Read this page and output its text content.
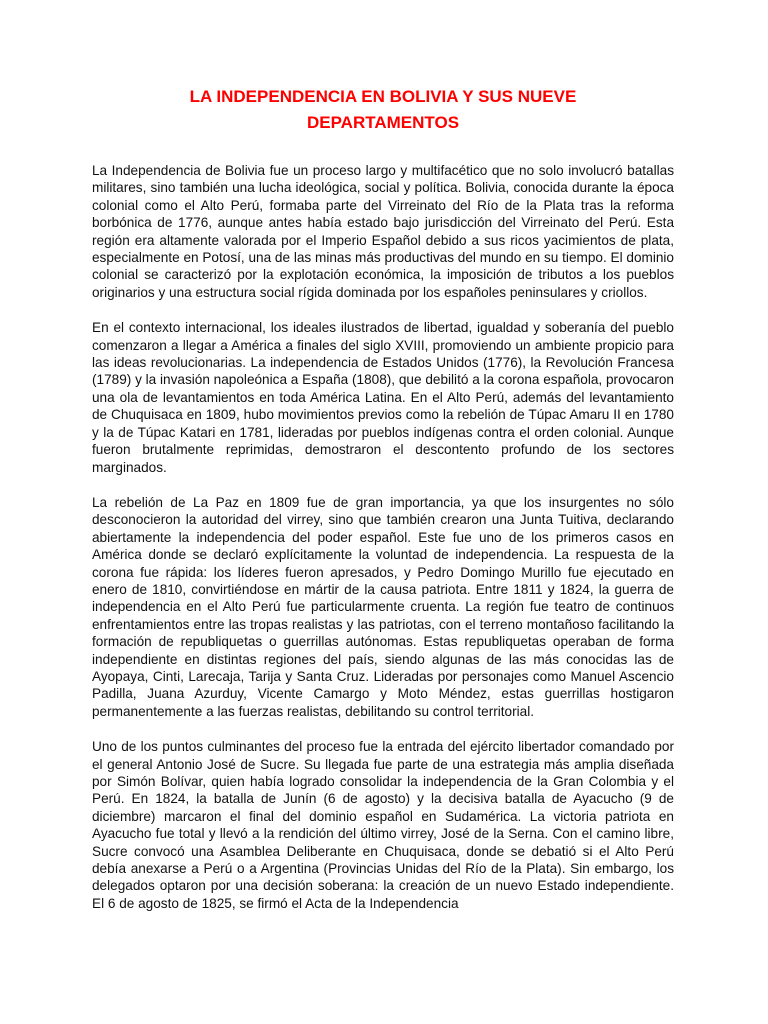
LA INDEPENDENCIA EN BOLIVIA Y SUS NUEVE DEPARTAMENTOS

La Independencia de Bolivia fue un proceso largo y multifacético que no solo involucró batallas militares, sino también una lucha ideológica, social y política. Bolivia, conocida durante la época colonial como el Alto Perú, formaba parte del Virreinato del Río de la Plata tras la reforma borbónica de 1776, aunque antes había estado bajo jurisdicción del Virreinato del Perú. Esta región era altamente valorada por el Imperio Español debido a sus ricos yacimientos de plata, especialmente en Potosí, una de las minas más productivas del mundo en su tiempo. El dominio colonial se caracterizó por la explotación económica, la imposición de tributos a los pueblos originarios y una estructura social rígida dominada por los españoles peninsulares y criollos.

En el contexto internacional, los ideales ilustrados de libertad, igualdad y soberanía del pueblo comenzaron a llegar a América a finales del siglo XVIII, promoviendo un ambiente propicio para las ideas revolucionarias. La independencia de Estados Unidos (1776), la Revolución Francesa (1789) y la invasión napoleónica a España (1808), que debilitó a la corona española, provocaron una ola de levantamientos en toda América Latina. En el Alto Perú, además del levantamiento de Chuquisaca en 1809, hubo movimientos previos como la rebelión de Túpac Amaru II en 1780 y la de Túpac Katari en 1781, lideradas por pueblos indígenas contra el orden colonial. Aunque fueron brutalmente reprimidas, demostraron el descontento profundo de los sectores marginados.

La rebelión de La Paz en 1809 fue de gran importancia, ya que los insurgentes no sólo desconocieron la autoridad del virrey, sino que también crearon una Junta Tuitiva, declarando abiertamente la independencia del poder español. Este fue uno de los primeros casos en América donde se declaró explícitamente la voluntad de independencia. La respuesta de la corona fue rápida: los líderes fueron apresados, y Pedro Domingo Murillo fue ejecutado en enero de 1810, convirtiéndose en mártir de la causa patriota. Entre 1811 y 1824, la guerra de independencia en el Alto Perú fue particularmente cruenta. La región fue teatro de continuos enfrentamientos entre las tropas realistas y las patriotas, con el terreno montañoso facilitando la formación de republiquetas o guerrillas autónomas. Estas republiquetas operaban de forma independiente en distintas regiones del país, siendo algunas de las más conocidas las de Ayopaya, Cinti, Larecaja, Tarija y Santa Cruz. Lideradas por personajes como Manuel Ascencio Padilla, Juana Azurduy, Vicente Camargo y Moto Méndez, estas guerrillas hostigaron permanentemente a las fuerzas realistas, debilitando su control territorial.

Uno de los puntos culminantes del proceso fue la entrada del ejército libertador comandado por el general Antonio José de Sucre. Su llegada fue parte de una estrategia más amplia diseñada por Simón Bolívar, quien había logrado consolidar la independencia de la Gran Colombia y el Perú. En 1824, la batalla de Junín (6 de agosto) y la decisiva batalla de Ayacucho (9 de diciembre) marcaron el final del dominio español en Sudamérica. La victoria patriota en Ayacucho fue total y llevó a la rendición del último virrey, José de la Serna. Con el camino libre, Sucre convocó una Asamblea Deliberante en Chuquisaca, donde se debatió si el Alto Perú debía anexarse a Perú o a Argentina (Provincias Unidas del Río de la Plata). Sin embargo, los delegados optaron por una decisión soberana: la creación de un nuevo Estado independiente. El 6 de agosto de 1825, se firmó el Acta de la Independencia
